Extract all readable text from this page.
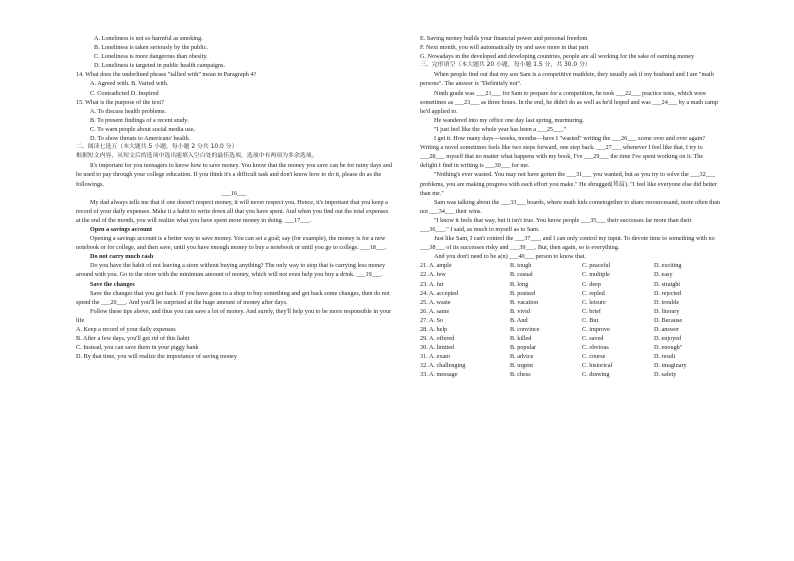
A. Loneliness is not so harmful as smoking.
B. Loneliness is taken seriously by the public.
C. Loneliness is more dangerous than obesity.
D. Loneliness is targeted in public health campaigns.
14. What does the underlined phrase "tallied with" mean in Paragraph 4?
A. Agreed with. B. Varied with.
C. Contradicted D. Inspired
15. What is the purpose of the text?
A. To discuss health problems.
B. To present findings of a recent study.
C. To warn people about social media use。
D. To show threats to Americans' health.
二、阅读七选五（本大题共 5 小题，每小题 2 分共 10.0 分）
根据短文内容，从短文后的选项中选出能填入空白处的最佳选项，选项中有两项为多余选项。
It's important for you teenagers to know how to save money. You know that the money you save can be for rainy days and be used to pay through your college education. If you think it's a difficult task and don't know how to do it, please do as the followings.
___16___
My dad always tells me that if one doesn't respect money, it will never respect you. Hence, it's important that you keep a record of your daily expenses. Make it a habit to write down all that you have spent. And when you find out the total expenses at the end of the month, you will realize what you have spent more money in doing. ___17___.
Open a savings account
Opening a savings account is a better way to save money. You can set a goal; say (for example), the money is for a new notebook or for college, and then save, until you have enough money to buy a notebook or until you go to college. ___18___.
Do not carry much cash
Do you have the habit of not leaving a store without buying anything? The only way to stop that is carrying less money around with you. Go to the store with the minimum amount of money, which will not even help you buy a drink. ___19___.
Save the changes
Save the changes that you get back. If you have gone to a shop to buy something and get back some changes, then do not spend the ___20___. And you'll be surprised at the huge amount of money after days.
Follow these tips above, and thus you can save a lot of money. And surely, they'll help you to be more responsible in your life
A. Keep a record of your daily expenses
B. After a few days, you'll get rid of this habit
C. Instead, you can save them in your piggy bank
D. By that time, you will realize the importance of saving money
E. Saving money builds your financial power and personal freedom
F. Next month, you will automatically try and save more in that part
G. Nowadays in the developed and developing countries, people are all working for the sake of earning money
三、完形填空（本大题共 20 小题，每小题 1.5 分，共 30.0 分）
When people find out that my son Sam is a competitive mathlete, they usually ask if my husband and I are "math persons". The answer is "Definitely not".
Ninth grade was ___21___ for Sam to prepare for a competition, he took ___22___ practice tests, which were sometimes as ___23___ as three hours. In the end, he didn't do as well as he'd hoped and was ___24___ by a math camp he'd applied to.
He wandered into my office one day last spring, murmuring.
"I just feel like the whole year has been a ___25___."
I get it. How many days—weeks, months—have I "wasted" writing the ___26___ scene over and over again? Writing a novel sometimes feels like two steps forward, one step back. ___27___ whenever I feel like that, I try to ___28___ myself that no matter what happens with my book, I've ___29___ the time I've spent working on it. The delight I find in writing is ___30___ for me.
"Nothing's ever wasted. You may not have gotten the ___31___ you wanted, but as you try to solve the ___32___ problems, you are making progress with each effort you make." He shrugged(耸肩). "I feel like everyone else did better than me."
Sam was talking about the ___33___ boards, where math kids cometogether to share resourcesand, more often than not ___34___ their wins.
"I know it feels that way, but it isn't true. You know people ___35___ their successes far more than their ___36___." I said, as much to myself as to Sam.
Just like Sam, I can't control the ___37___, and I can only control my input. To devote time to something with no ___38___ of its successes risky and ___39___. But, then again, so is everything.
And you don't need to be a(n) ___40___ person to know that.
21. A. ample	B. tough	C. peaceful	D. exciting
22. A. few	B. casual	C. multiple	D. easy
23. A. fur	B. long	C. deep	D. straight
24. A. accepted	B. praised	C. repled	D. rejected
25. A. waste	B. vacation	C. leisure	D. trouble
26. A. same	B. vivid	C. brief	D. literary
27. A. So	B. And	C. But	D. Because
28. A. help	B. convince	C. improve	D. answer
29. A. offered	B. killed	C. saved	D. enjoyed
30. A. limited	B. popular	C. obvious	D. enough"
31. A. exam	B. advice	C. course	D. result
32. A. challenging	B. urgent	C. historical	D. imaginary
33. A. message	B. chess	C. drawing	D. safety
